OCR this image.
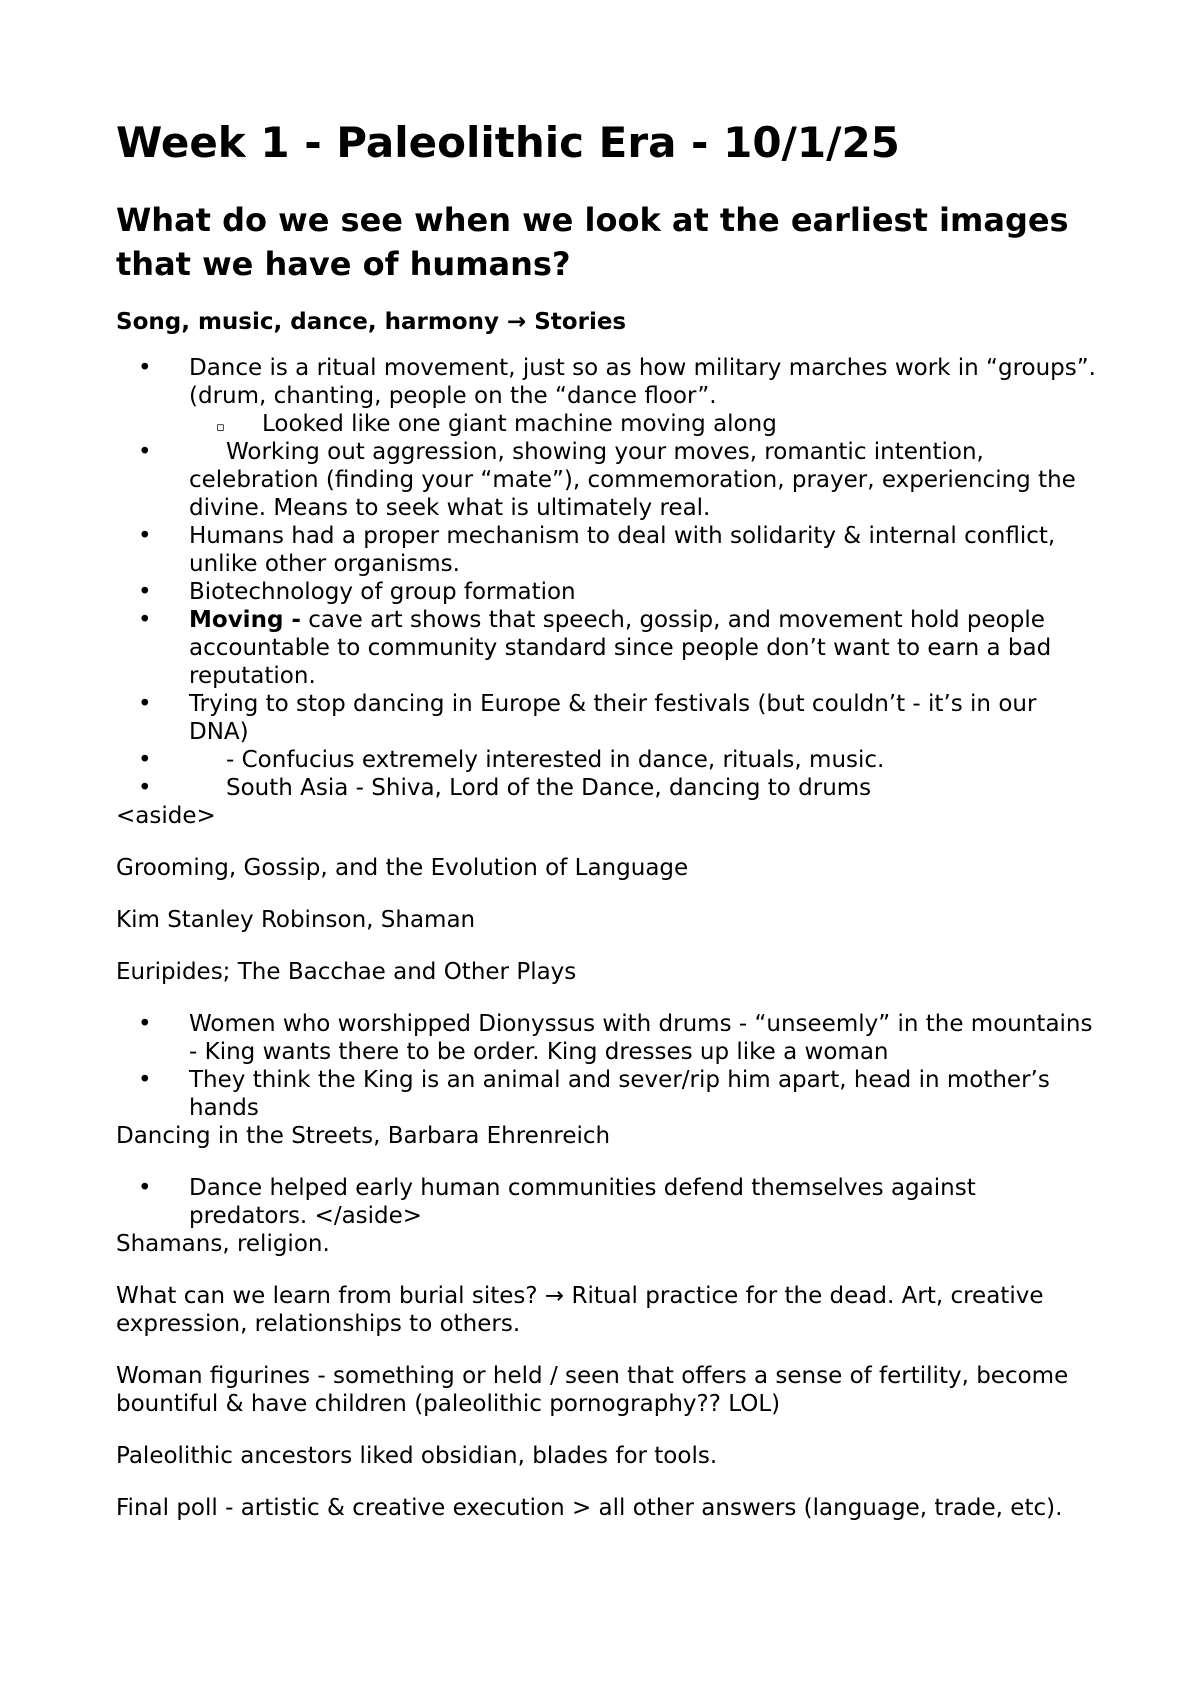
Week 1 - Paleolithic Era - 10/1/25
What do we see when we look at the earliest images that we have of humans?

Song, music, dance, harmony → Stories

• Dance is a ritual movement, just so as how military marches work in “groups”. (drum, chanting, people on the “dance floor”.
▫ Looked like one giant machine moving along
•	Working out aggression, showing your moves, romantic intention, celebration (finding your “mate”), commemoration, prayer, experiencing the divine. Means to seek what is ultimately real.
• Humans had a proper mechanism to deal with solidarity & internal conflict, unlike other organisms.
• Biotechnology of group formation
• Moving - cave art shows that speech, gossip, and movement hold people accountable to community standard since people don’t want to earn a bad reputation.
• Trying to stop dancing in Europe & their festivals (but couldn’t - it’s in our DNA)
•	- Confucius extremely interested in dance, rituals, music.
•	South Asia - Shiva, Lord of the Dance, dancing to drums

<aside>

Grooming, Gossip, and the Evolution of Language

Kim Stanley Robinson, Shaman

Euripides; The Bacchae and Other Plays

• Women who worshipped Dionyssus with drums - “unseemly” in the mountains - King wants there to be order. King dresses up like a woman
• They think the King is an animal and sever/rip him apart, head in mother’s hands

Dancing in the Streets, Barbara Ehrenreich

• Dance helped early human communities defend themselves against predators. </aside>

Shamans, religion.

What can we learn from burial sites? → Ritual practice for the dead. Art, creative expression, relationships to others.

Woman figurines - something or held / seen that offers a sense of fertility, become bountiful & have children (paleolithic pornography?? LOL)

Paleolithic ancestors liked obsidian, blades for tools.

Final poll - artistic & creative execution > all other answers (language, trade, etc).
